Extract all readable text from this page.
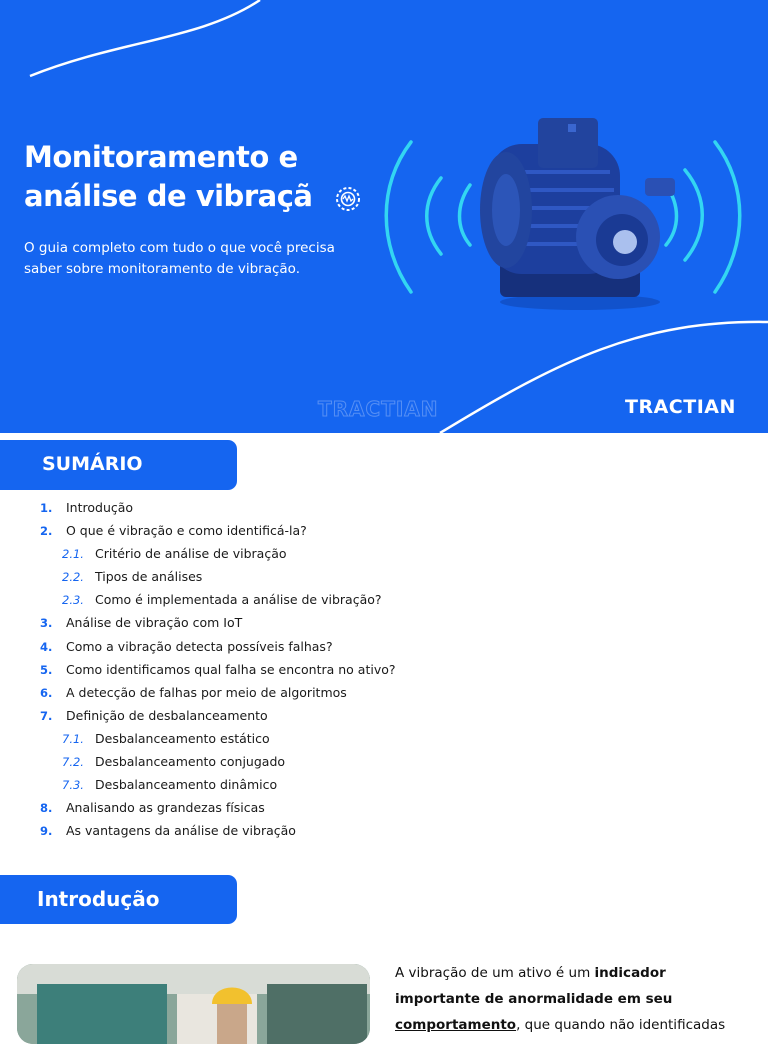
Monitoramento e
análise de vibraçã
O guia completo com tudo o que você precisa saber sobre monitoramento de vibração.
TRACTIAN	TRACTIAN
SUMÁRIO
1. Introdução
2. O que é vibração e como identificá-la?
2.1. Critério de análise de vibração
2.2. Tipos de análises
2.3. Como é implementada a análise de vibração?
3. Análise de vibração com IoT
4. Como a vibração detecta possíveis falhas?
5. Como identificamos qual falha se encontra no ativo?
6. A detecção de falhas por meio de algoritmos
7. Definição de desbalanceamento
7.1. Desbalanceamento estático
7.2. Desbalanceamento conjugado
7.3. Desbalanceamento dinâmico
8. Analisando as grandezas físicas
9. As vantagens da análise de vibração
Introdução

A vibração de um ativo é um indicador importante de anormalidade em seu comportamento, que quando não identificadas
